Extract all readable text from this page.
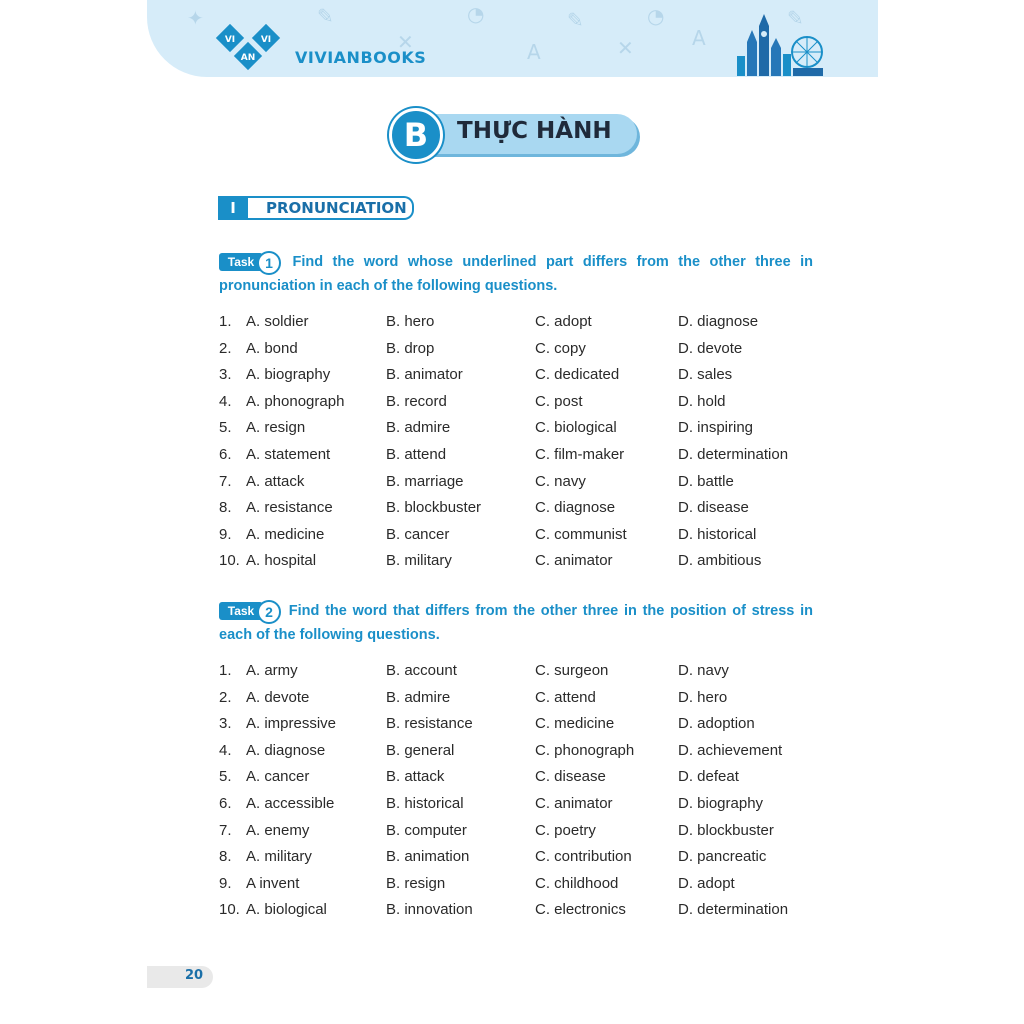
✦	✎
✕
◔
A
✎
✕
◔
A
✎
VI	VI
AN VIVIANBOOKS
B	THỰC HÀNH
I	PRONUNCIATION
Task 1	Find the word whose underlined part differs from the other three in pronunciation in each of the following questions.
1. A. soldier	B. hero	C. adopt	D. diagnose
2. A. bond	B. drop	C. copy	D. devote
3. A. biography	B. animator	C. dedicated	D. sales
4. A. phonograph	B. record	C. post	D. hold
5. A. resign	B. admire	C. biological	D. inspiring
6. A. statement	B. attend	C. film-maker	D. determination
7. A. attack	B. marriage	C. navy	D. battle
8. A. resistance	B. blockbuster	C. diagnose	D. disease
9. A. medicine	B. cancer	C. communist	D. historical
10. A. hospital	B. military	C. animator	D. ambitious
Task 2	Find the word that differs from the other three in the position of stress in each of the following questions.
1. A. army	B. account	C. surgeon	D. navy
2. A. devote	B. admire	C. attend	D. hero
3. A. impressive	B. resistance	C. medicine	D. adoption
4. A. diagnose	B. general	C. phonograph	D. achievement
5. A. cancer	B. attack	C. disease	D. defeat
6. A. accessible	B. historical	C. animator	D. biography
7. A. enemy	B. computer	C. poetry	D. blockbuster
8. A. military	B. animation	C. contribution	D. pancreatic
9. A invent	B. resign	C. childhood	D. adopt
10. A. biological	B. innovation	C. electronics	D. determination
20
